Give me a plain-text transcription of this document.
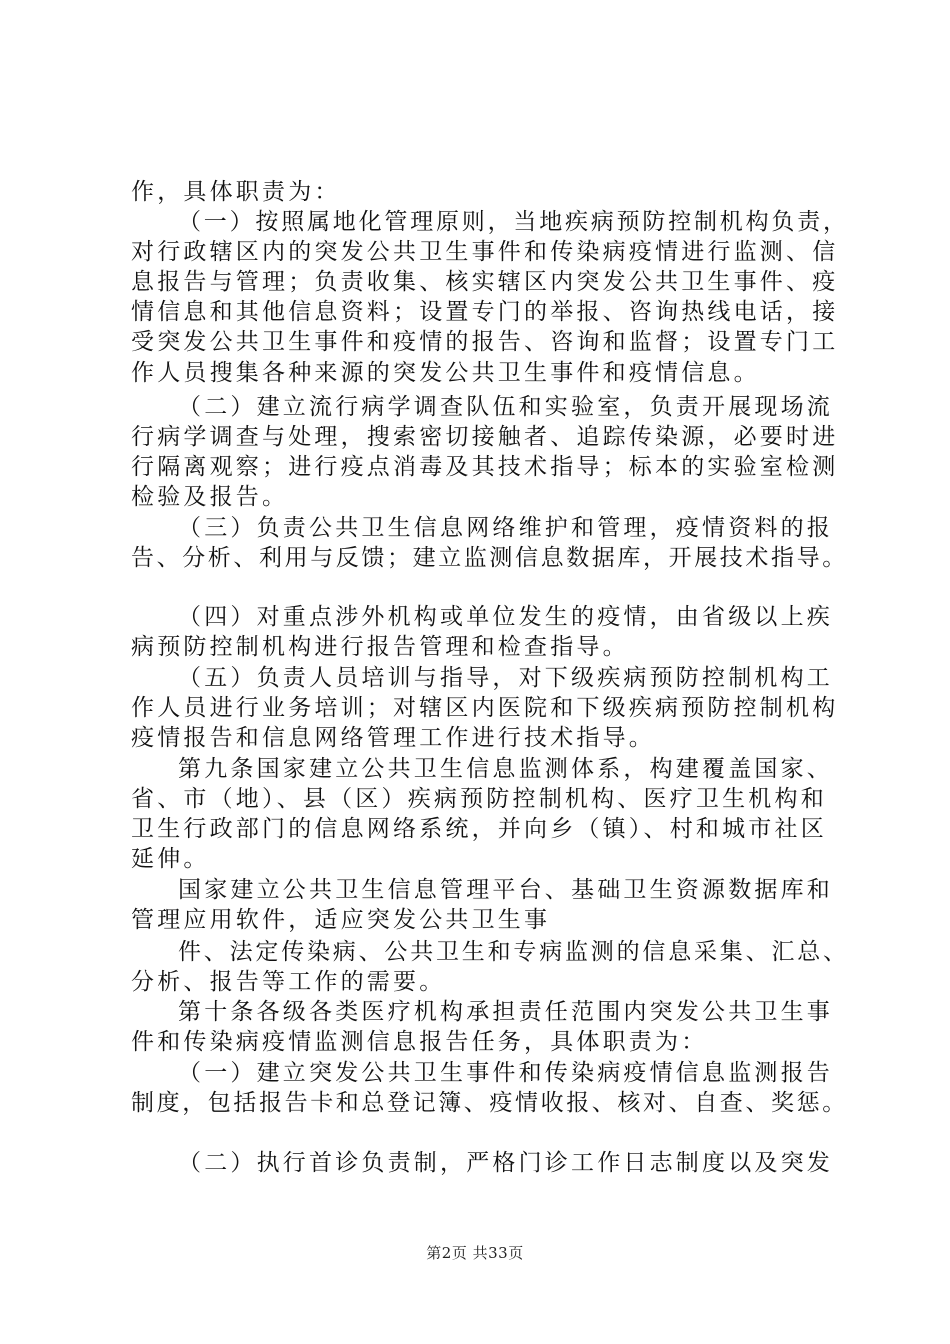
作，具体职责为：
（一）按照属地化管理原则，当地疾病预防控制机构负责，
对行政辖区内的突发公共卫生事件和传染病疫情进行监测、信
息报告与管理；负责收集、核实辖区内突发公共卫生事件、疫
情信息和其他信息资料；设置专门的举报、咨询热线电话，接
受突发公共卫生事件和疫情的报告、咨询和监督；设置专门工
作人员搜集各种来源的突发公共卫生事件和疫情信息。
（二）建立流行病学调查队伍和实验室，负责开展现场流
行病学调查与处理，搜索密切接触者、追踪传染源，必要时进
行隔离观察；进行疫点消毒及其技术指导；标本的实验室检测
检验及报告。
（三）负责公共卫生信息网络维护和管理，疫情资料的报
告、分析、利用与反馈；建立监测信息数据库，开展技术指导。
（四）对重点涉外机构或单位发生的疫情，由省级以上疾
病预防控制机构进行报告管理和检查指导。
（五）负责人员培训与指导，对下级疾病预防控制机构工
作人员进行业务培训；对辖区内医院和下级疾病预防控制机构
疫情报告和信息网络管理工作进行技术指导。
第九条国家建立公共卫生信息监测体系，构建覆盖国家、
省、市（地）、县（区）疾病预防控制机构、医疗卫生机构和
卫生行政部门的信息网络系统，并向乡（镇）、村和城市社区
延伸。
国家建立公共卫生信息管理平台、基础卫生资源数据库和
管理应用软件，适应突发公共卫生事
件、法定传染病、公共卫生和专病监测的信息采集、汇总、
分析、报告等工作的需要。
第十条各级各类医疗机构承担责任范围内突发公共卫生事
件和传染病疫情监测信息报告任务，具体职责为：
（一）建立突发公共卫生事件和传染病疫情信息监测报告
制度，包括报告卡和总登记簿、疫情收报、核对、自查、奖惩。
（二）执行首诊负责制，严格门诊工作日志制度以及突发
第2页 共33页
